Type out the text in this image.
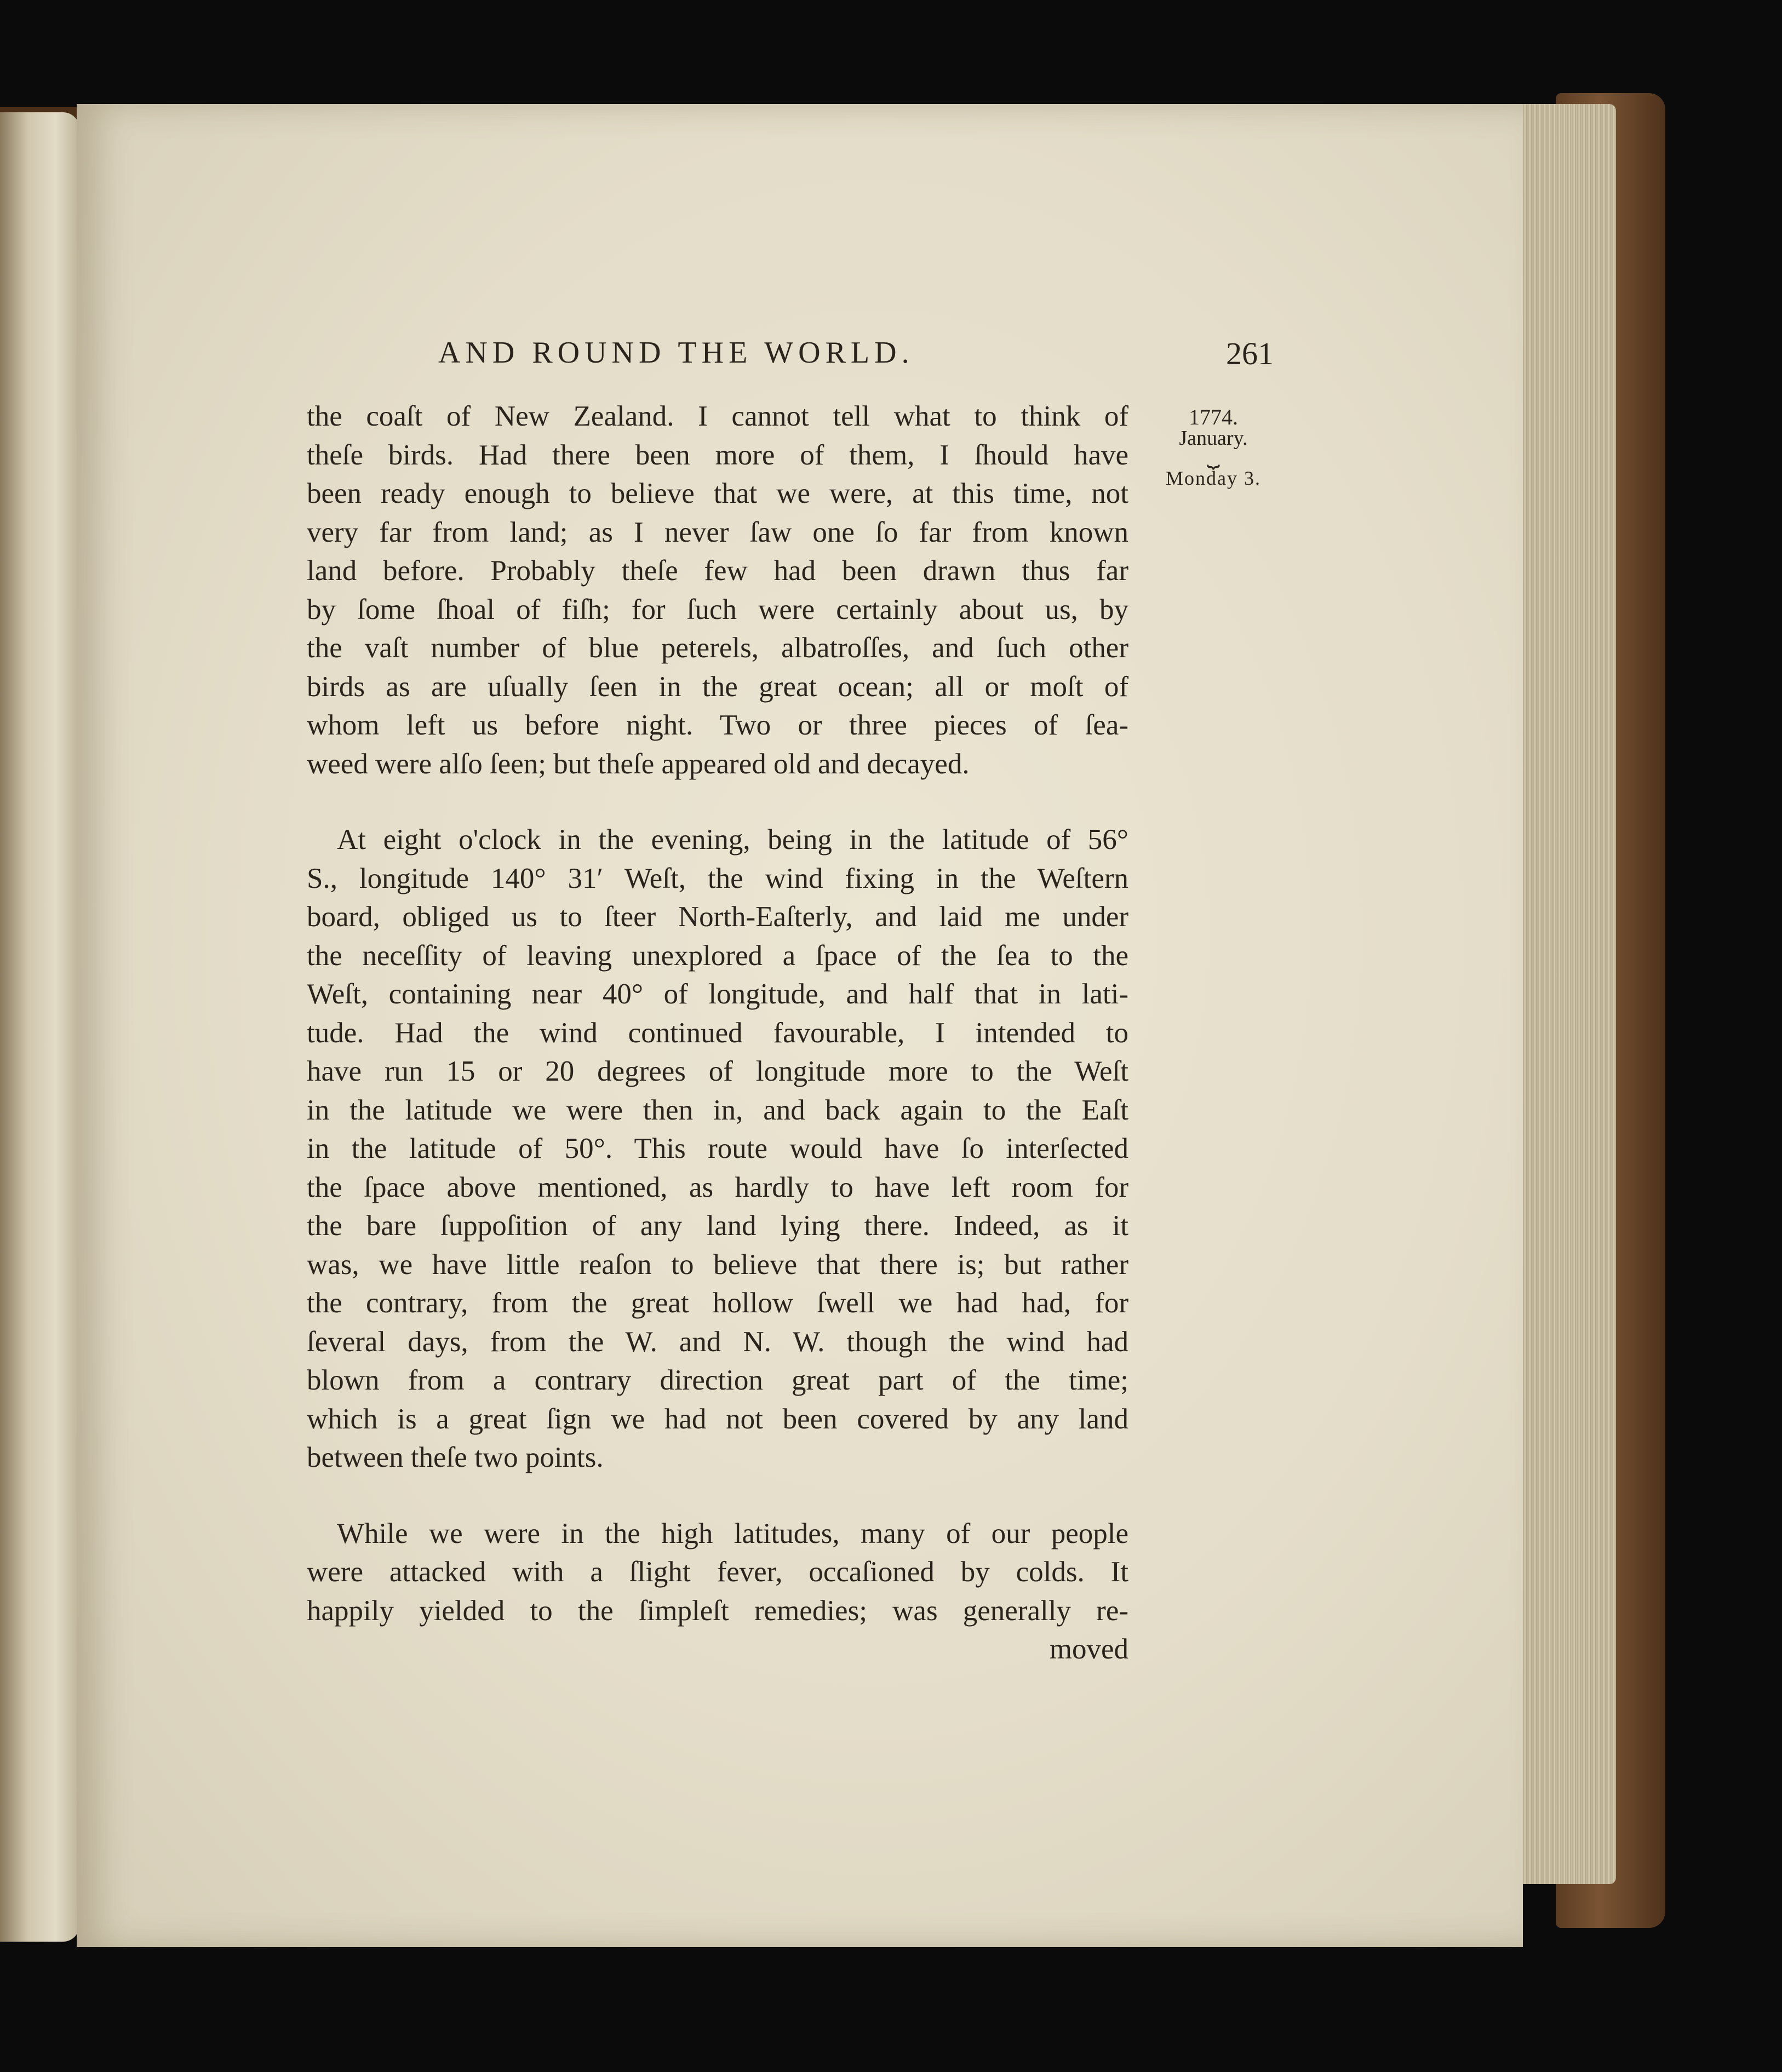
AND ROUND THE WORLD.	261
1774.
January.
⏟
Monday 3.
the coaſt of New Zealand. I cannot tell what to think of
theſe birds. Had there been more of them, I ſhould have
been ready enough to believe that we were, at this time, not
very far from land; as I never ſaw one ſo far from known
land before. Probably theſe few had been drawn thus far
by ſome ſhoal of fiſh; for ſuch were certainly about us, by
the vaſt number of blue peterels, albatroſſes, and ſuch other
birds as are uſually ſeen in the great ocean; all or moſt of
whom left us before night. Two or three pieces of ſea-
weed were alſo ſeen; but theſe appeared old and decayed.
At eight o'clock in the evening, being in the latitude of 56°
S., longitude 140° 31′ Weſt, the wind fixing in the Weſtern
board, obliged us to ſteer North-Eaſterly, and laid me under
the neceſſity of leaving unexplored a ſpace of the ſea to the
Weſt, containing near 40° of longitude, and half that in lati-
tude. Had the wind continued favourable, I intended to
have run 15 or 20 degrees of longitude more to the Weſt
in the latitude we were then in, and back again to the Eaſt
in the latitude of 50°. This route would have ſo interſected
the ſpace above mentioned, as hardly to have left room for
the bare ſuppoſition of any land lying there. Indeed, as it
was, we have little reaſon to believe that there is; but rather
the contrary, from the great hollow ſwell we had had, for
ſeveral days, from the W. and N. W. though the wind had
blown from a contrary direction great part of the time;
which is a great ſign we had not been covered by any land
between theſe two points.
While we were in the high latitudes, many of our people
were attacked with a ſlight fever, occaſioned by colds. It
happily yielded to the ſimpleſt remedies; was generally re-
moved
